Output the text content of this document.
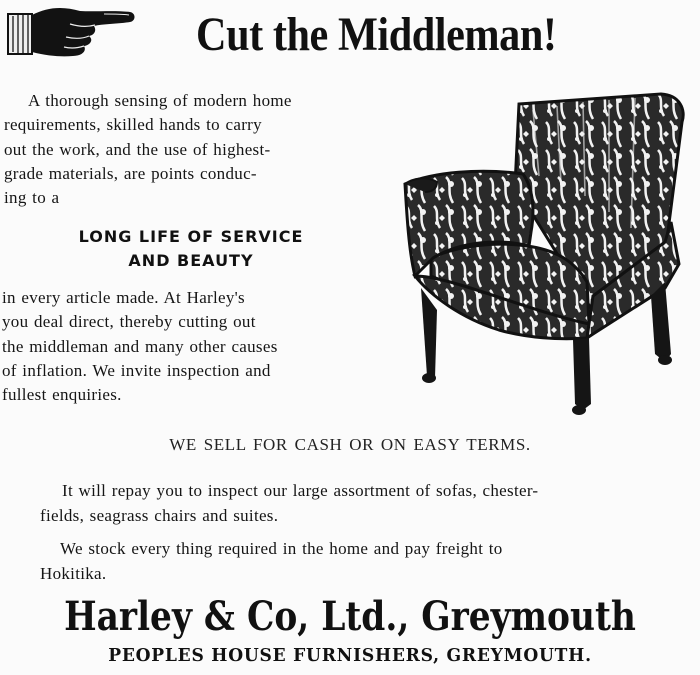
Cut the Middleman!
A thorough sensing of modern home
requirements, skilled hands to carry
out the work, and the use of highest-
grade materials, are points conduc-
ing to a
LONG LIFE OF SERVICE
AND BEAUTY
in every article made. At Harley's
you deal direct, thereby cutting out
the middleman and many other causes
of inflation. We invite inspection and
fullest enquiries.
WE SELL FOR CASH OR ON EASY TERMS.
It will repay you to inspect our large assortment of sofas, chester-
fields, seagrass chairs and suites.
We stock every thing required in the home and pay freight to
Hokitika.
Harley & Co, Ltd., Greymouth
PEOPLES HOUSE FURNISHERS, GREYMOUTH.
